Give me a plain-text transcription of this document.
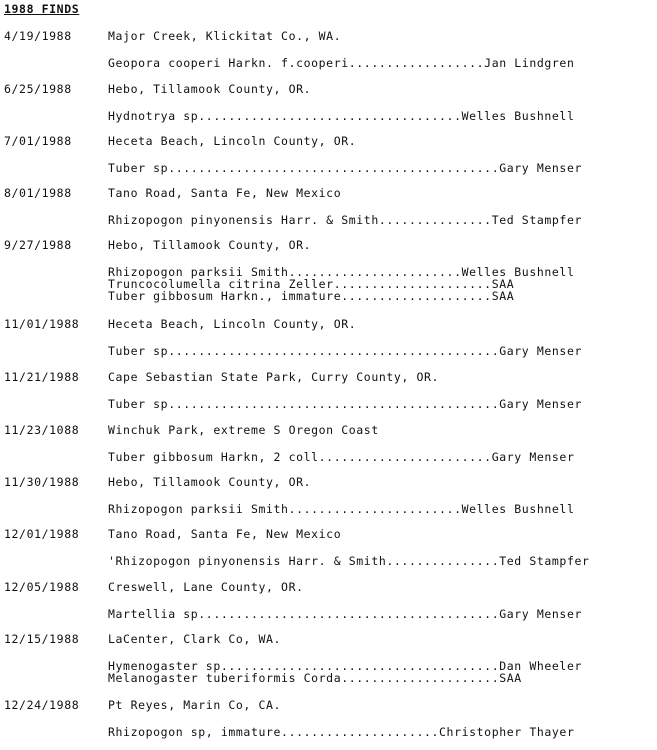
1988 FINDS
4/19/1988	Major Creek, Klickitat Co., WA.
Geopora cooperi Harkn. f.cooperi..................Jan Lindgren
6/25/1988	Hebo, Tillamook County, OR.
Hydnotrya sp...................................Welles Bushnell
7/01/1988	Heceta Beach, Lincoln County, OR.
Tuber sp............................................Gary Menser
8/01/1988	Tano Road, Santa Fe, New Mexico
Rhizopogon pinyonensis Harr. & Smith...............Ted Stampfer
9/27/1988	Hebo, Tillamook County, OR.
Rhizopogon parksii Smith.......................Welles Bushnell
Truncocolumella citrina Zeller.....................SAA
Tuber gibbosum Harkn., immature....................SAA
11/01/1988	Heceta Beach, Lincoln County, OR.
Tuber sp............................................Gary Menser
11/21/1988	Cape Sebastian State Park, Curry County, OR.
Tuber sp............................................Gary Menser
11/23/1088	Winchuk Park, extreme S Oregon Coast
Tuber gibbosum Harkn, 2 coll.......................Gary Menser
11/30/1988	Hebo, Tillamook County, OR.
Rhizopogon parksii Smith.......................Welles Bushnell
12/01/1988	Tano Road, Santa Fe, New Mexico
'Rhizopogon pinyonensis Harr. & Smith...............Ted Stampfer
12/05/1988	Creswell, Lane County, OR.
Martellia sp........................................Gary Menser
12/15/1988	LaCenter, Clark Co, WA.
Hymenogaster sp.....................................Dan Wheeler
Melanogaster tuberiformis Corda.....................SAA
12/24/1988	Pt Reyes, Marin Co, CA.
Rhizopogon sp, immature.....................Christopher Thayer
